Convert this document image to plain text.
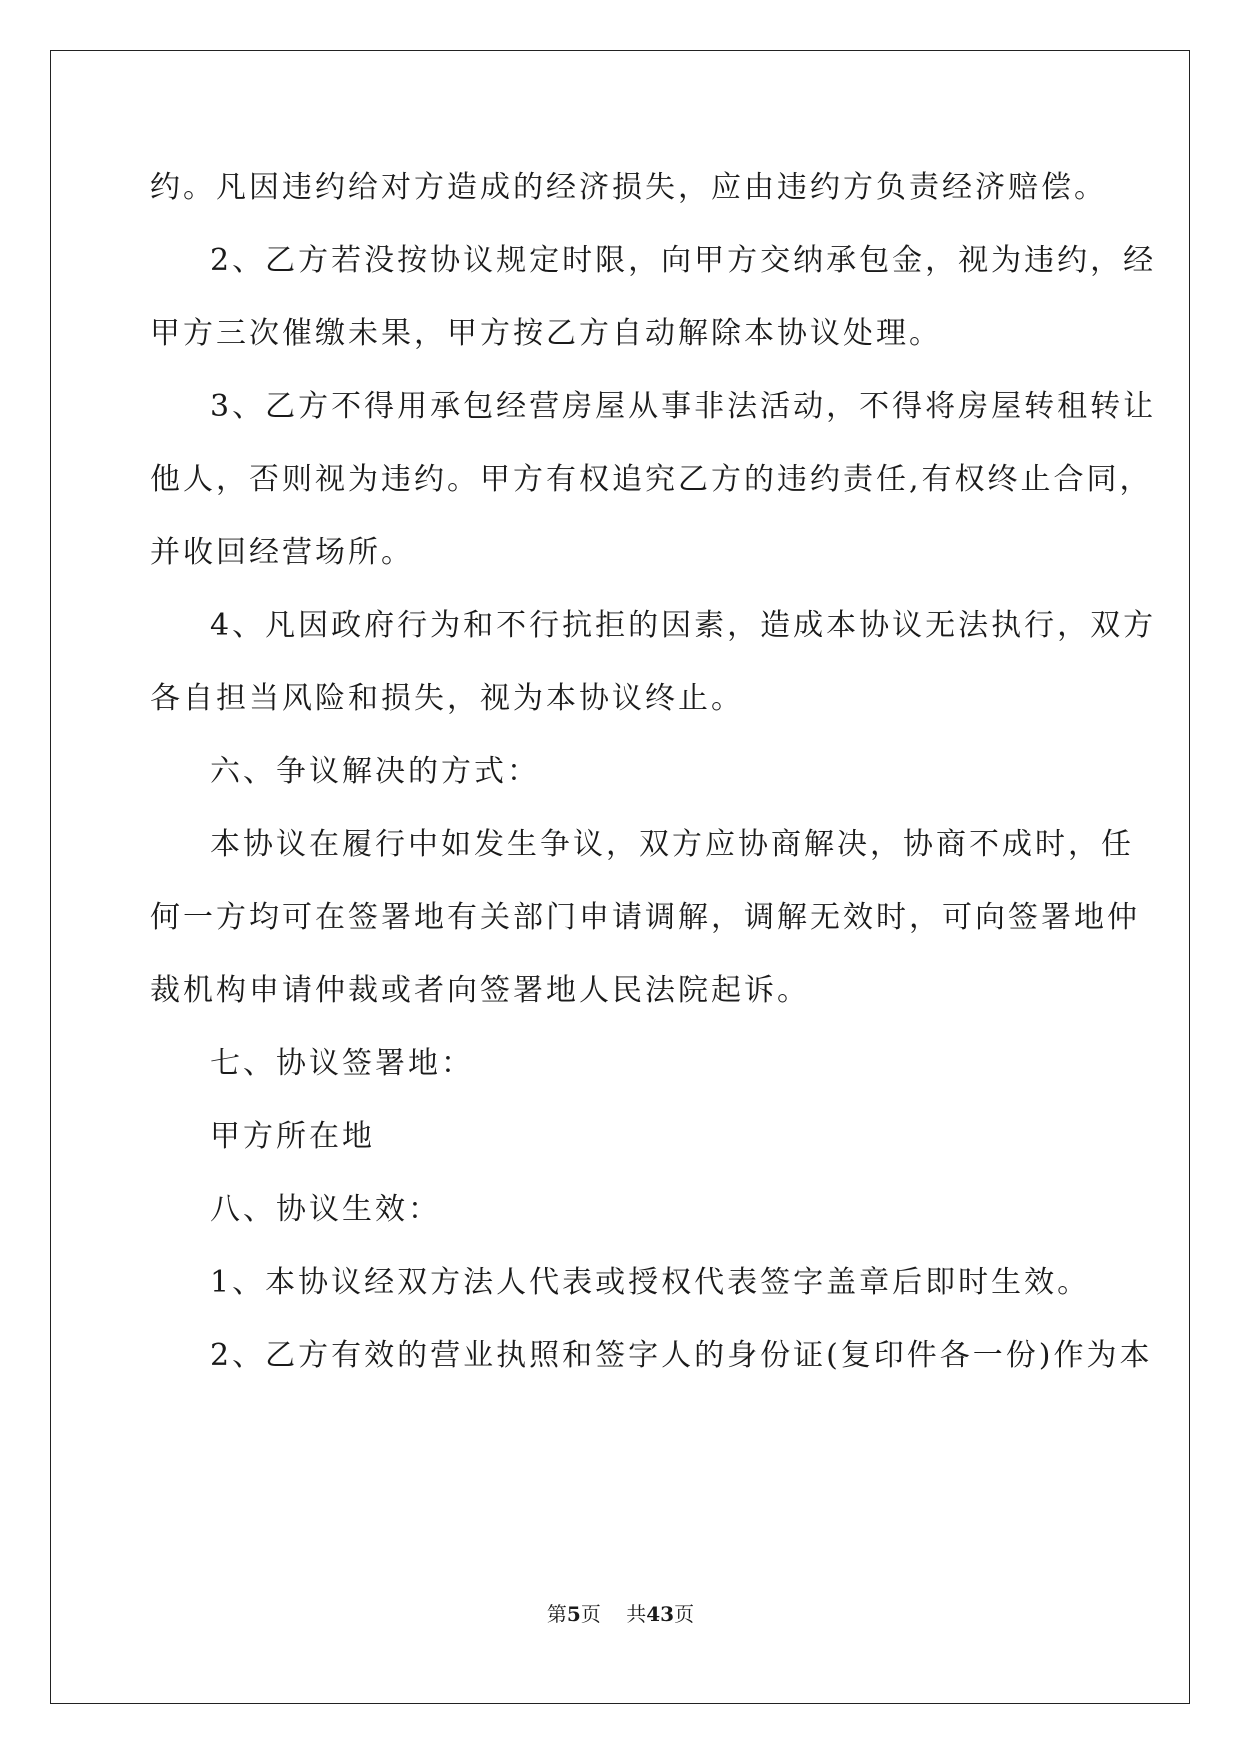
约。凡因违约给对方造成的经济损失，应由违约方负责经济赔偿。
2、乙方若没按协议规定时限，向甲方交纳承包金，视为违约，经
甲方三次催缴未果，甲方按乙方自动解除本协议处理。
3、乙方不得用承包经营房屋从事非法活动，不得将房屋转租转让
他人，否则视为违约。甲方有权追究乙方的违约责任,有权终止合同，
并收回经营场所。
4、凡因政府行为和不行抗拒的因素，造成本协议无法执行，双方
各自担当风险和损失，视为本协议终止。
六、争议解决的方式：
本协议在履行中如发生争议，双方应协商解决，协商不成时，任
何一方均可在签署地有关部门申请调解，调解无效时，可向签署地仲
裁机构申请仲裁或者向签署地人民法院起诉。
七、协议签署地：
甲方所在地
八、协议生效：
1、本协议经双方法人代表或授权代表签字盖章后即时生效。
2、乙方有效的营业执照和签字人的身份证(复印件各一份)作为本
第5页 共43页
